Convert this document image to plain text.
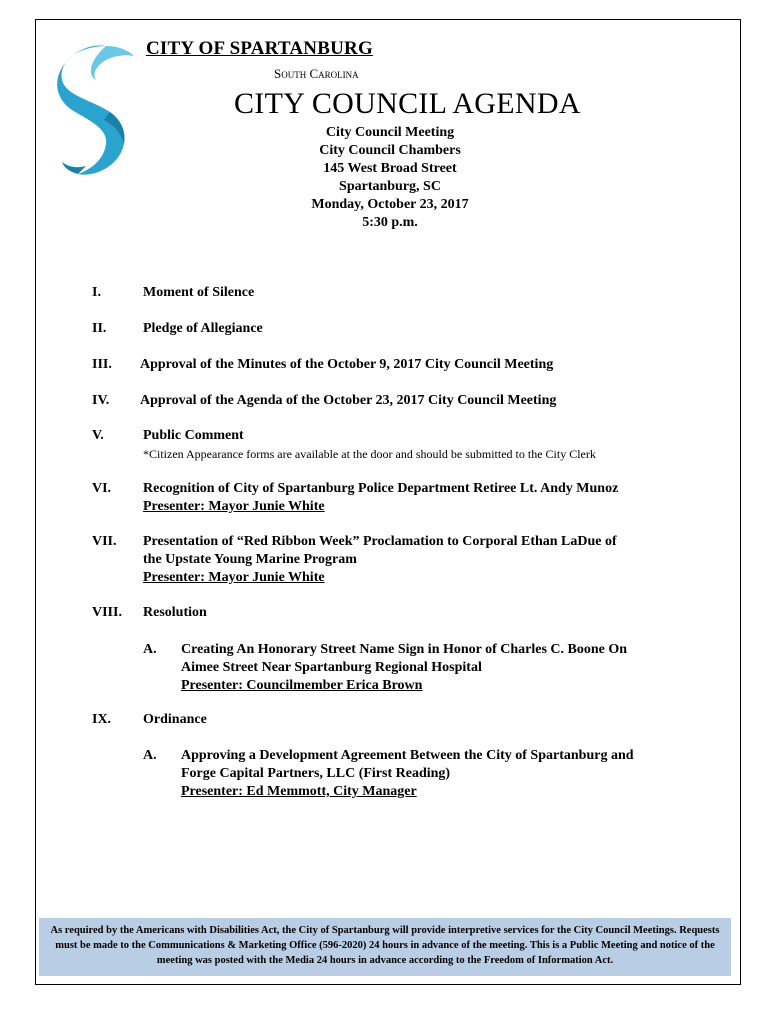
CITY OF SPARTANBURG
South Carolina
CITY COUNCIL AGENDA
City Council Meeting
City Council Chambers
145 West Broad Street
Spartanburg, SC
Monday, October 23, 2017
5:30 p.m.
I.	Moment of Silence
II.	Pledge of Allegiance
III. Approval of the Minutes of the October 9, 2017 City Council Meeting
IV. Approval of the Agenda of the October 23, 2017 City Council Meeting
V.	Public Comment
*Citizen Appearance forms are available at the door and should be submitted to the City Clerk
VI. Recognition of City of Spartanburg Police Department Retiree Lt. Andy Munoz
Presenter: Mayor Junie White
VII. Presentation of “Red Ribbon Week” Proclamation to Corporal Ethan LaDue of
the Upstate Young Marine Program
Presenter: Mayor Junie White
VIII. Resolution
A. Creating An Honorary Street Name Sign in Honor of Charles C. Boone On
Aimee Street Near Spartanburg Regional Hospital
Presenter: Councilmember Erica Brown
IX. Ordinance
A. Approving a Development Agreement Between the City of Spartanburg and
Forge Capital Partners, LLC (First Reading)
Presenter: Ed Memmott, City Manager
As required by the Americans with Disabilities Act, the City of Spartanburg will provide interpretive services for the City Council Meetings. Requests must be made to the Communications & Marketing Office (596-2020) 24 hours in advance of the meeting. This is a Public Meeting and notice of the meeting was posted with the Media 24 hours in advance according to the Freedom of Information Act.
